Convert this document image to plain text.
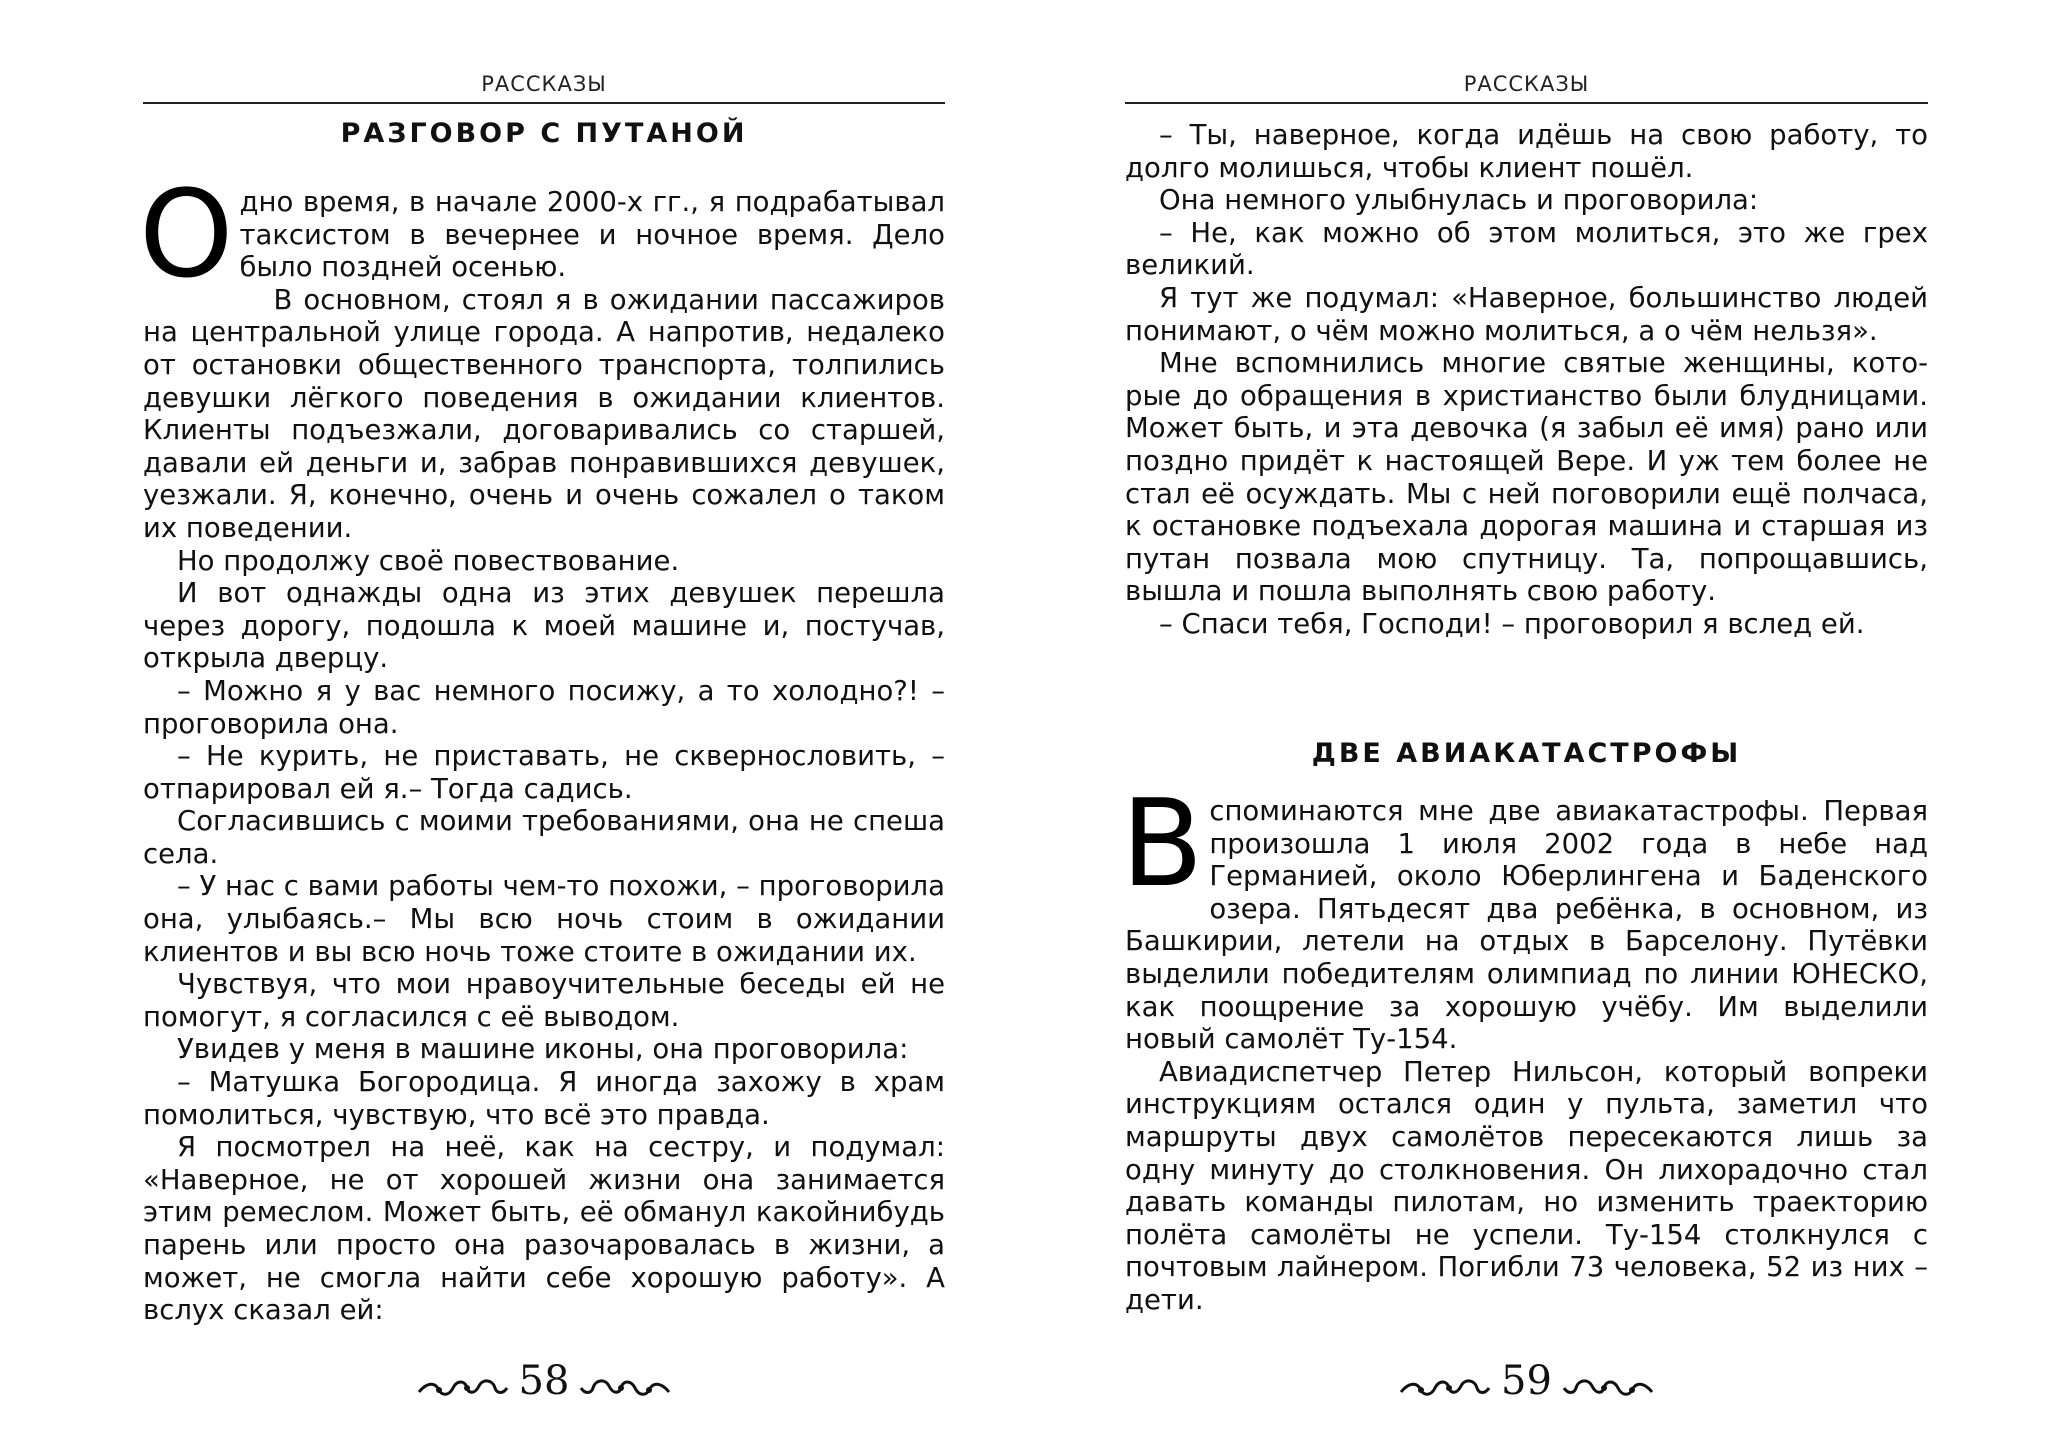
РАССКАЗЫ
РАЗГОВОР С ПУТАНОЙ

Одно время, в начале 2000-х гг., я подрабатывал таксистом в вечернее и ночное время. Дело было поздней осенью.

В основном, стоял я в ожидании пассажиров на центральной улице города. А напротив, недалеко от остановки общественного транспорта, толпились девушки лёгкого поведения в ожидании клиентов. Клиенты подъезжали, договаривались со старшей, давали ей деньги и, забрав понравившихся девушек, уезжали. Я, конечно, очень и очень сожалел о таком их поведении.

Но продолжу своё повествование.

И вот однажды одна из этих девушек перешла через дорогу, подошла к моей машине и, постучав, открыла дверцу.

– Можно я у вас немного посижу, а то холодно?! – проговорила она.

– Не курить, не приставать, не сквернословить, – отпарировал ей я.– Тогда садись.

Согласившись с моими требованиями, она не спеша села.

– У нас с вами работы чем-то похожи, – проговорила она, улыбаясь.– Мы всю ночь стоим в ожидании клиентов и вы всю ночь тоже стоите в ожидании их.

Чувствуя, что мои нравоучительные беседы ей не помогут, я согласился с её выводом.

Увидев у меня в машине иконы, она проговорила:

– Матушка Богородица. Я иногда захожу в храм помолиться, чувствую, что всё это правда.

Я посмотрел на неё, как на сестру, и подумал: «Наверное, не от хорошей жизни она занимается этим ремеслом. Может быть, её обманул какойнибудь парень или просто она разочаровалась в жизни, а может, не смогла найти себе хорошую работу». А вслух сказал ей:

58
РАССКАЗЫ

– Ты, наверное, когда идёшь на свою работу, то долго молишься, чтобы клиент пошёл.

Она немного улыбнулась и проговорила:

– Не, как можно об этом молиться, это же грех великий.

Я тут же подумал: «Наверное, большинство людей понимают, о чём можно молиться, а о чём нельзя».

Мне вспомнились многие святые женщины, которые до обращения в христианство были блудницами. Может быть, и эта девочка (я забыл её имя) рано или поздно придёт к настоящей Вере. И уж тем более не стал её осуждать. Мы с ней поговорили ещё полчаса, к остановке подъехала дорогая машина и старшая из путан позвала мою спутницу. Та, попрощавшись, вышла и пошла выполнять свою работу.

– Спаси тебя, Господи! – проговорил я вслед ей.

ДВЕ АВИАКАТАСТРОФЫ

Вспоминаются мне две авиакатастрофы. Первая произошла 1 июля 2002 года в небе над Германией, около Юберлингена и Баденского озера. Пятьдесят два ребёнка, в основном, из Башкирии, летели на отдых в Барселону. Путёвки выделили победителям олимпиад по линии ЮНЕСКО, как поощрение за хорошую учёбу. Им выделили новый самолёт Ту-154.

Авиадиспетчер Петер Нильсон, который вопреки инструкциям остался один у пульта, заметил что маршруты двух самолётов пересекаются лишь за одну минуту до столкновения. Он лихорадочно стал давать команды пилотам, но изменить траекторию полёта самолёты не успели. Ту-154 столкнулся с почтовым лайнером. Погибли 73 человека, 52 из них – дети.

59
